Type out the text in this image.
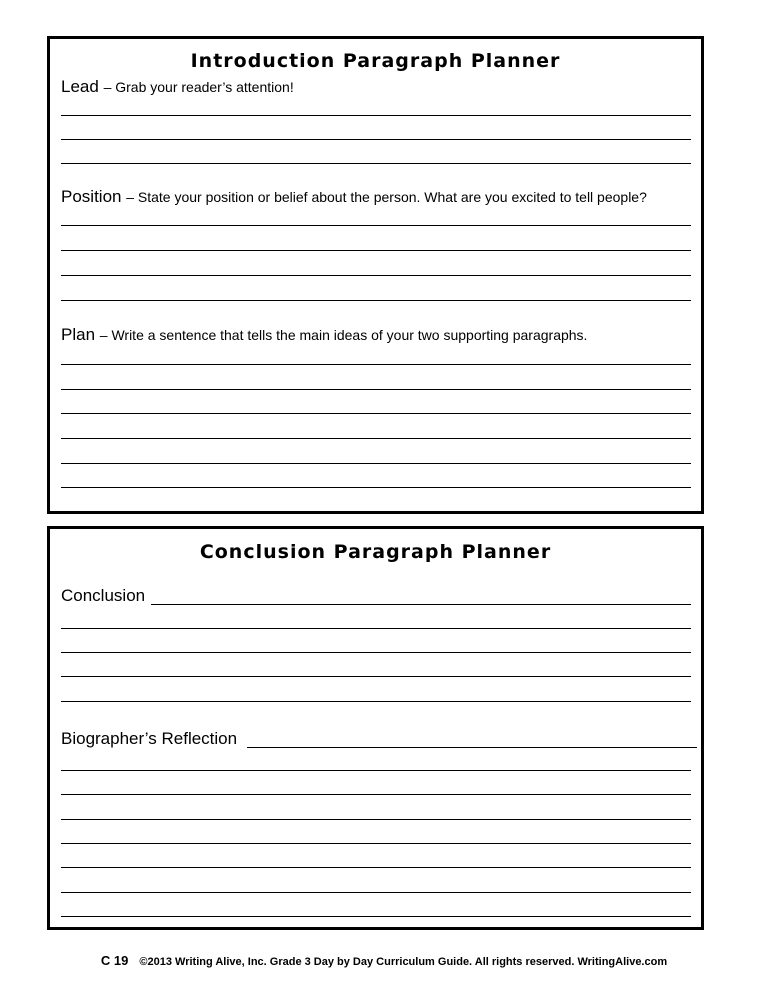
Introduction Paragraph Planner
Lead – Grab your reader’s attention!
Position – State your position or belief about the person. What are you excited to tell people?
Plan – Write a sentence that tells the main ideas of your two supporting paragraphs.
Conclusion Paragraph Planner
Conclusion
Biographer’s Reflection
C 19 ©2013 Writing Alive, Inc. Grade 3 Day by Day Curriculum Guide. All rights reserved. WritingAlive.com
